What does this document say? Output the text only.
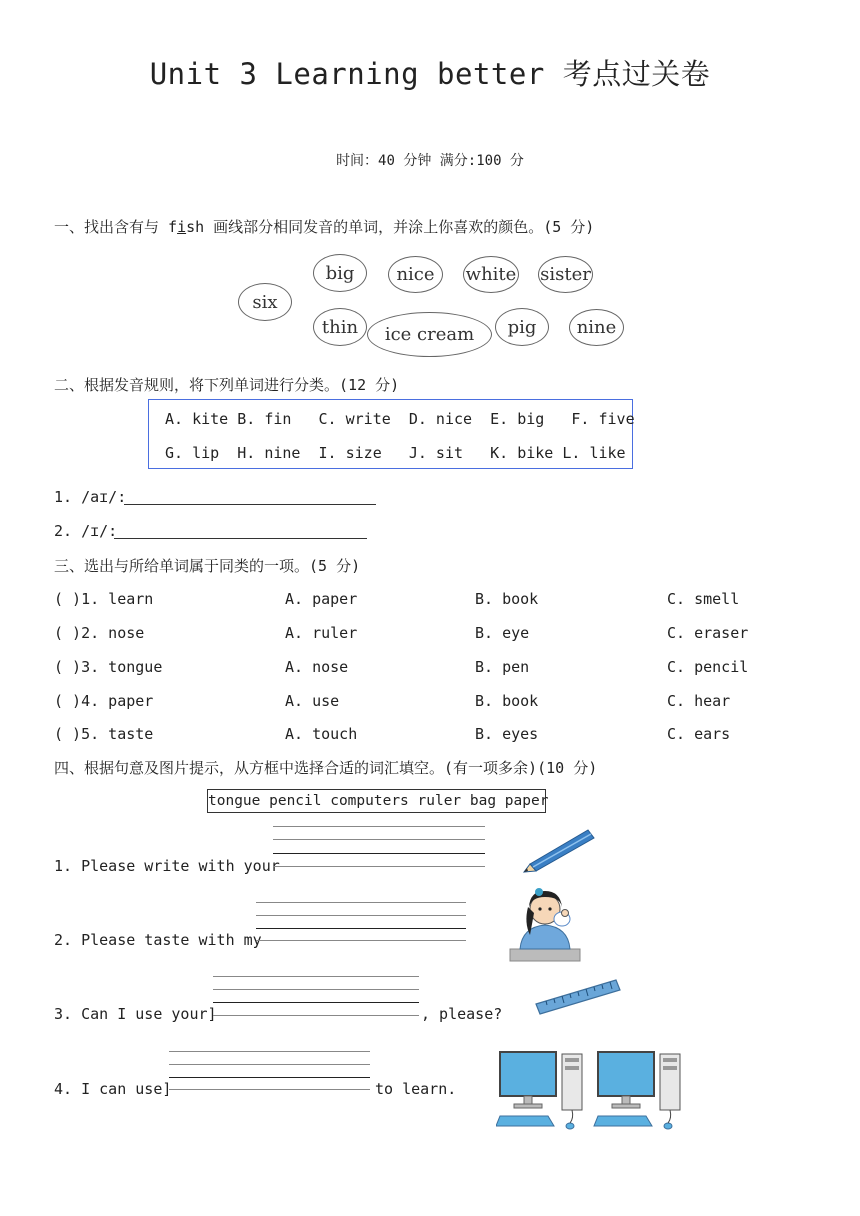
Unit 3 Learning better 考点过关卷
时间：40 分钟 满分:100 分
一、找出含有与 fish 画线部分相同发音的单词，并涂上你喜欢的颜色。(5 分)
six
big nice white sister
thin ice cream pig nine
二、根据发音规则，将下列单词进行分类。(12 分)
A. kite B. fin   C. write  D. nice  E. big   F. five
G. lip  H. nine  I. size   J. sit   K. bike L. like
1. /aɪ/:
2. /ɪ/:
三、选出与所给单词属于同类的一项。(5 分)
( )1. learn	A. paper	B. book	C. smell
( )2. nose	A. ruler	B. eye	C. eraser
( )3. tongue	A. nose	B. pen	C. pencil
( )4. paper	A. use	B. book	C. hear
( )5. taste	A. touch	B. eyes	C. ears
四、根据句意及图片提示，从方框中选择合适的词汇填空。(有一项多余)(10 分)
tongue pencil computers ruler bag paper
1. Please write with your
2. Please taste with my
3. Can I use your]	, please?
4. I can use]	to learn.
